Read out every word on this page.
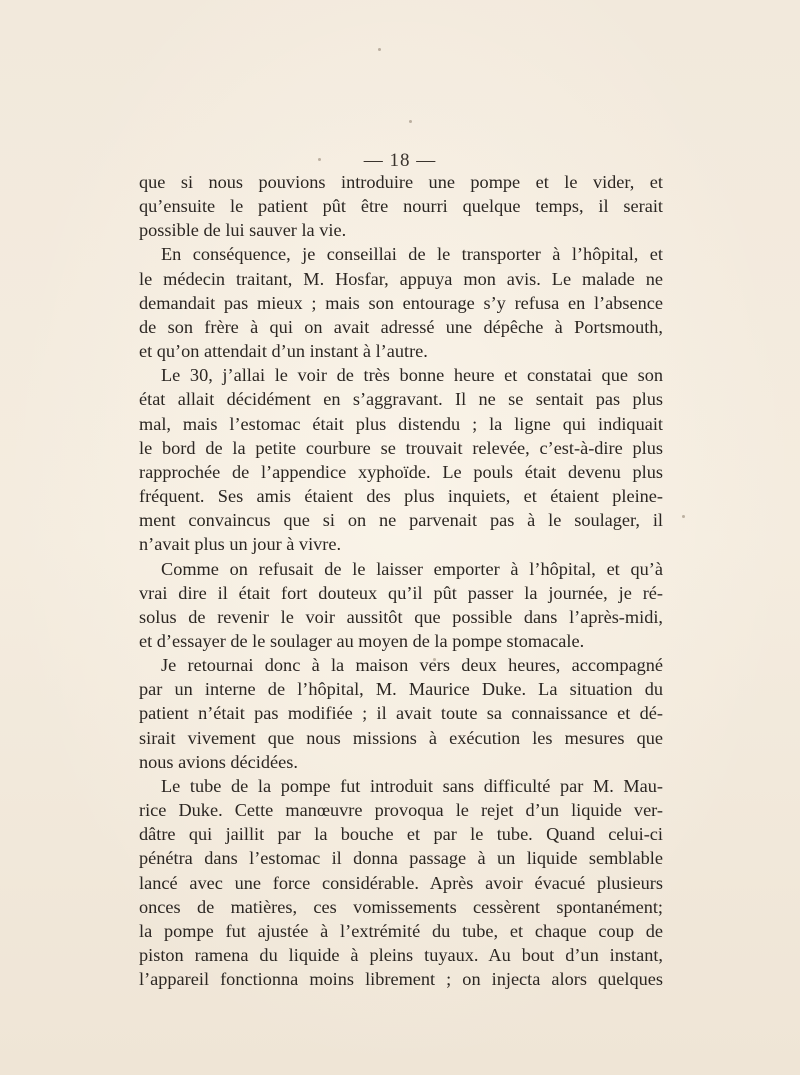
— 18 —
que si nous pouvions introduire une pompe et le vider, et
qu’ensuite le patient pût être nourri quelque temps, il serait
possible de lui sauver la vie.
En conséquence, je conseillai de le transporter à l’hôpital, et
le médecin traitant, M. Hosfar, appuya mon avis. Le malade ne
demandait pas mieux ; mais son entourage s’y refusa en l’absence
de son frère à qui on avait adressé une dépêche à Portsmouth,
et qu’on attendait d’un instant à l’autre.
Le 30, j’allai le voir de très bonne heure et constatai que son
état allait décidément en s’aggravant. Il ne se sentait pas plus
mal, mais l’estomac était plus distendu ; la ligne qui indiquait
le bord de la petite courbure se trouvait relevée, c’est-à-dire plus
rapprochée de l’appendice xyphoïde. Le pouls était devenu plus
fréquent. Ses amis étaient des plus inquiets, et étaient pleine-
ment convaincus que si on ne parvenait pas à le soulager, il
n’avait plus un jour à vivre.
Comme on refusait de le laisser emporter à l’hôpital, et qu’à
vrai dire il était fort douteux qu’il pût passer la journée, je ré-
solus de revenir le voir aussitôt que possible dans l’après-midi,
et d’essayer de le soulager au moyen de la pompe stomacale.
Je retournai donc à la maison vers deux heures, accompagné
par un interne de l’hôpital, M. Maurice Duke. La situation du
patient n’était pas modifiée ; il avait toute sa connaissance et dé-
sirait vivement que nous missions à exécution les mesures que
nous avions décidées.
Le tube de la pompe fut introduit sans difficulté par M. Mau-
rice Duke. Cette manœuvre provoqua le rejet d’un liquide ver-
dâtre qui jaillit par la bouche et par le tube. Quand celui-ci
pénétra dans l’estomac il donna passage à un liquide semblable
lancé avec une force considérable. Après avoir évacué plusieurs
onces de matières, ces vomissements cessèrent spontanément;
la pompe fut ajustée à l’extrémité du tube, et chaque coup de
piston ramena du liquide à pleins tuyaux. Au bout d’un instant,
l’appareil fonctionna moins librement ; on injecta alors quelques
